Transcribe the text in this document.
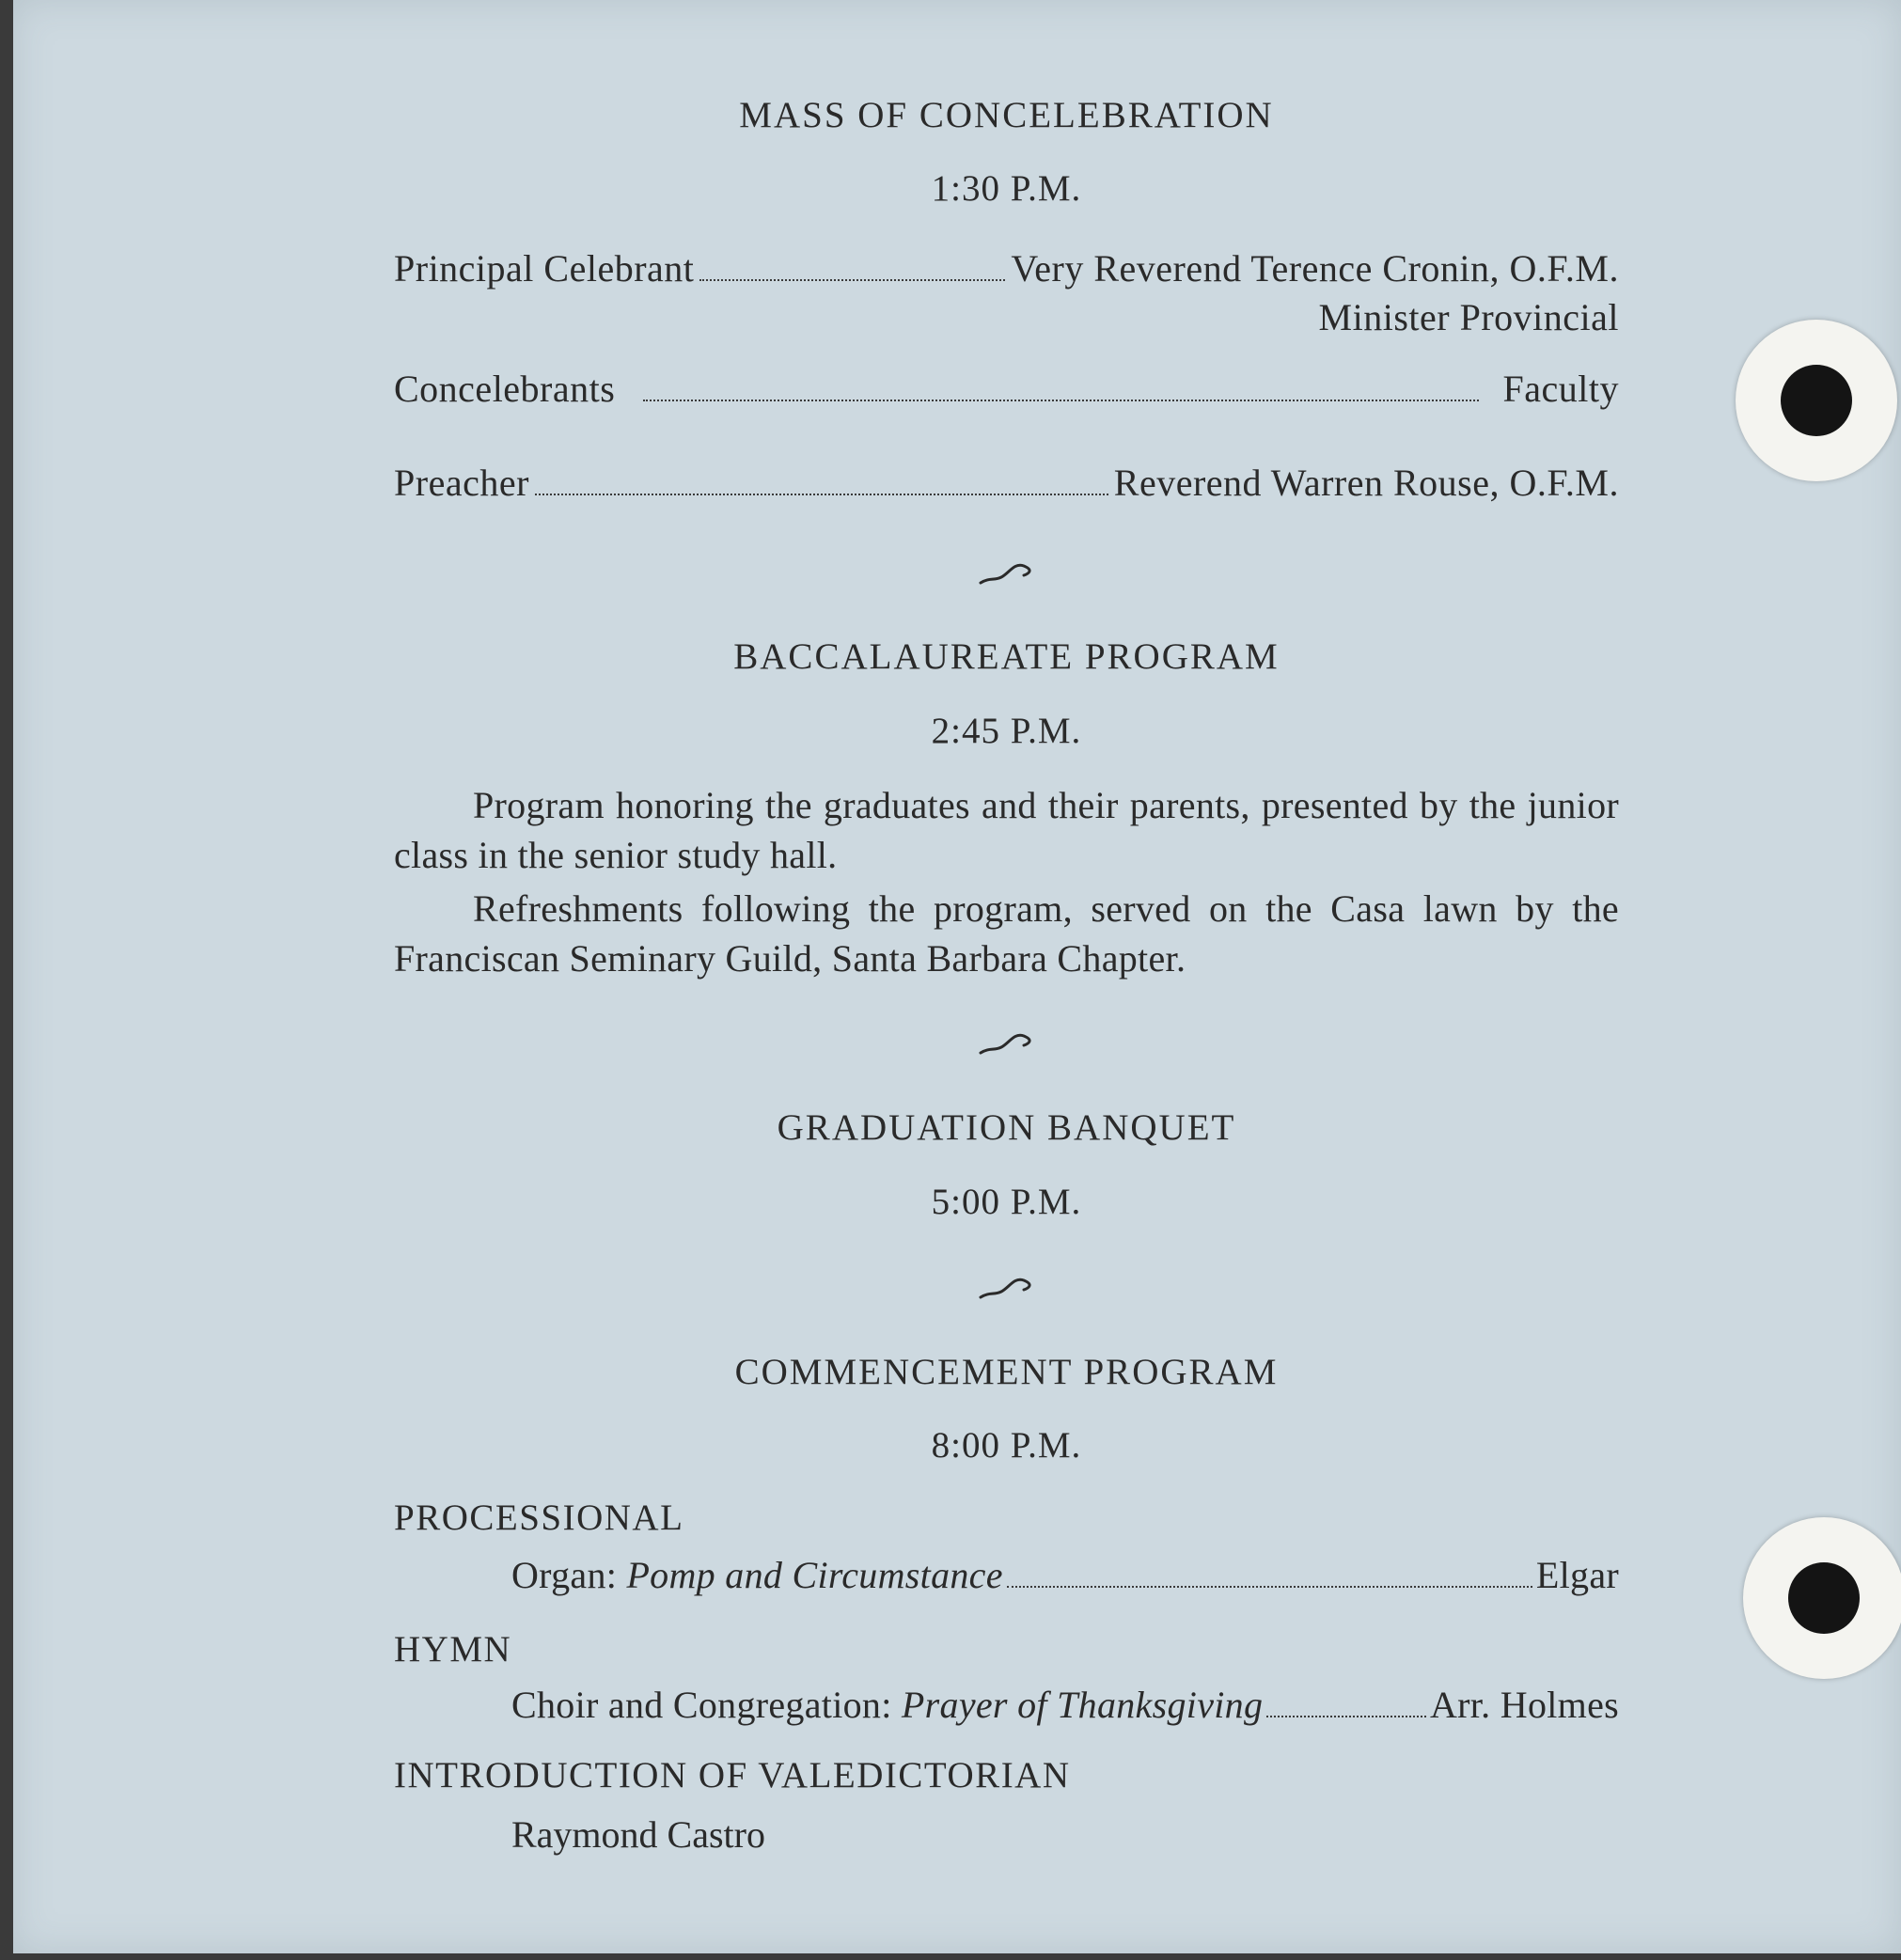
MASS OF CONCELEBRATION
1:30 P.M.
Principal Celebrant	Very Reverend Terence Cronin, O.F.M.
Minister Provincial
Concelebrants	Faculty
Preacher	Reverend Warren Rouse, O.F.M.
BACCALAUREATE PROGRAM
2:45 P.M.
Program honoring the graduates and their parents, presented by the junior class in the senior study hall.
Refreshments following the program, served on the Casa lawn by the Franciscan Seminary Guild, Santa Barbara Chapter.
GRADUATION BANQUET
5:00 P.M.
COMMENCEMENT PROGRAM
8:00 P.M.
PROCESSIONAL
Organ: Pomp and Circumstance	Elgar
HYMN
Choir and Congregation: Prayer of Thanksgiving	Arr. Holmes
INTRODUCTION OF VALEDICTORIAN
Raymond Castro
